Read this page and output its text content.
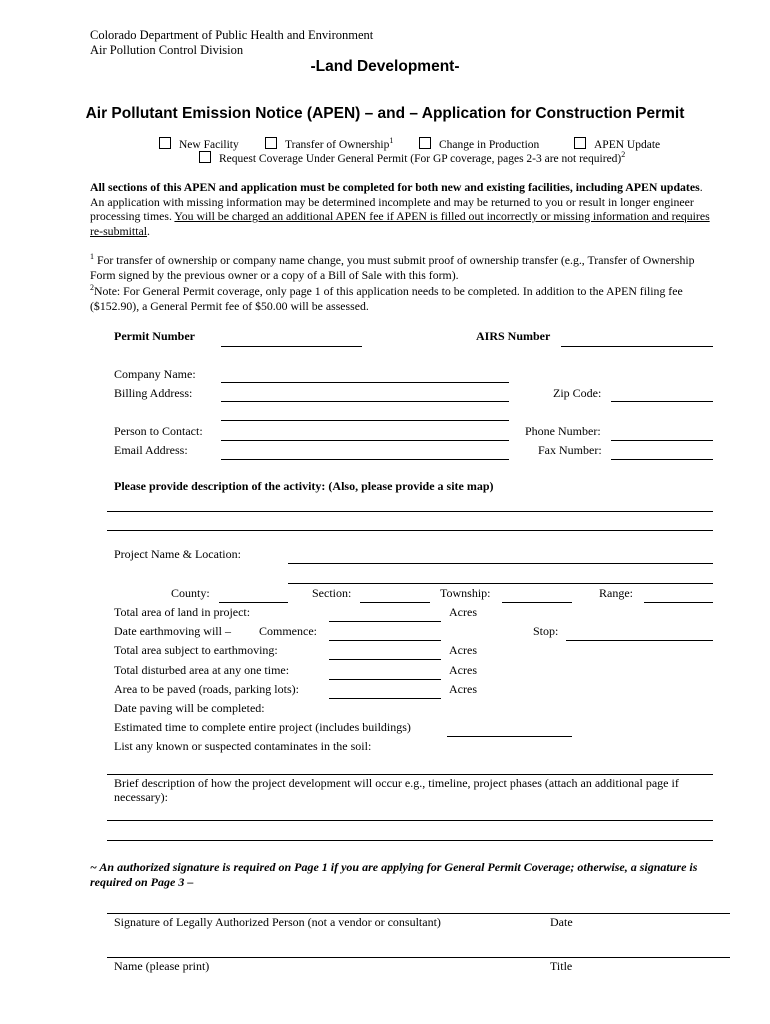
Colorado Department of Public Health and Environment
Air Pollution Control Division
-Land Development-
Air Pollutant Emission Notice (APEN) – and – Application for Construction Permit
New Facility	Transfer of Ownership$^1$	Change in Production	APEN Update
Request Coverage Under General Permit (For GP coverage, pages 2-3 are not required)$^2$
All sections of this APEN and application must be completed for both new and existing facilities, including APEN updates. An application with missing information may be determined incomplete and may be returned to you or result in longer engineer processing times. You will be charged an additional APEN fee if APEN is filled out incorrectly or missing information and requires re-submittal.
$^1$ For transfer of ownership or company name change, you must submit proof of ownership transfer (e.g., Transfer of Ownership Form signed by the previous owner or a copy of a Bill of Sale with this form).
$^2$Note: For General Permit coverage, only page 1 of this application needs to be completed. In addition to the APEN filing fee ($152.90), a General Permit fee of $50.00 will be assessed.
Permit Number	AIRS Number
Company Name:
Billing Address:	Zip Code:
Person to Contact:	Phone Number:
Email Address:	Fax Number:
Please provide description of the activity: (Also, please provide a site map)
Project Name & Location:
County:	Section:	Township:	Range:
Total area of land in project:	Acres
Date earthmoving will – Commence:	Stop:
Total area subject to earthmoving:	Acres
Total disturbed area at any one time:	Acres
Area to be paved (roads, parking lots):	Acres
Date paving will be completed:
Estimated time to complete entire project (includes buildings)
List any known or suspected contaminates in the soil:
Brief description of how the project development will occur e.g., timeline, project phases (attach an additional page if necessary):
~ An authorized signature is required on Page 1 if you are applying for General Permit Coverage; otherwise, a signature is required on Page 3 –
Signature of Legally Authorized Person (not a vendor or consultant)	Date
Name (please print)	Title
